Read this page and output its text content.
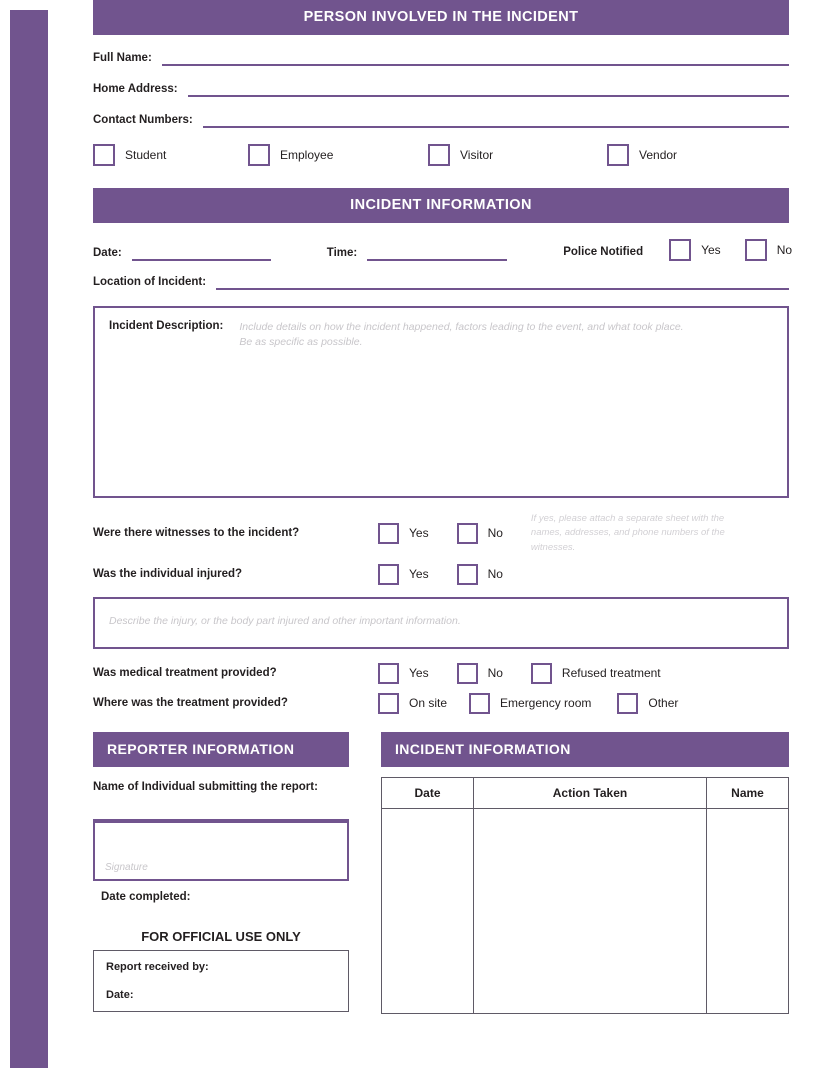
PERSON INVOLVED IN THE INCIDENT
Full Name:
Home Address:
Contact Numbers:
Student	Employee	Visitor	Vendor
INCIDENT INFORMATION
Date:	Time:	Police Notified	Yes	No
Location of Incident:
Incident Description: Include details on how the incident happened, factors leading to the event, and what took place. Be as specific as possible.
Were there witnesses to the incident?	Yes	No
If yes, please attach a separate sheet with the names, addresses, and phone numbers of the witnesses.
Was the individual injured?	Yes	No
Describe the injury, or the body part injured and other important information.
Was medical treatment provided?	Yes	No	Refused treatment
Where was the treatment provided?	On site	Emergency room	Other
REPORTER INFORMATION
Name of Individual submitting the report:
Signature
Date completed:
FOR OFFICIAL USE ONLY
Report received by:
Date:
INCIDENT INFORMATION
Date	Action Taken	Name
